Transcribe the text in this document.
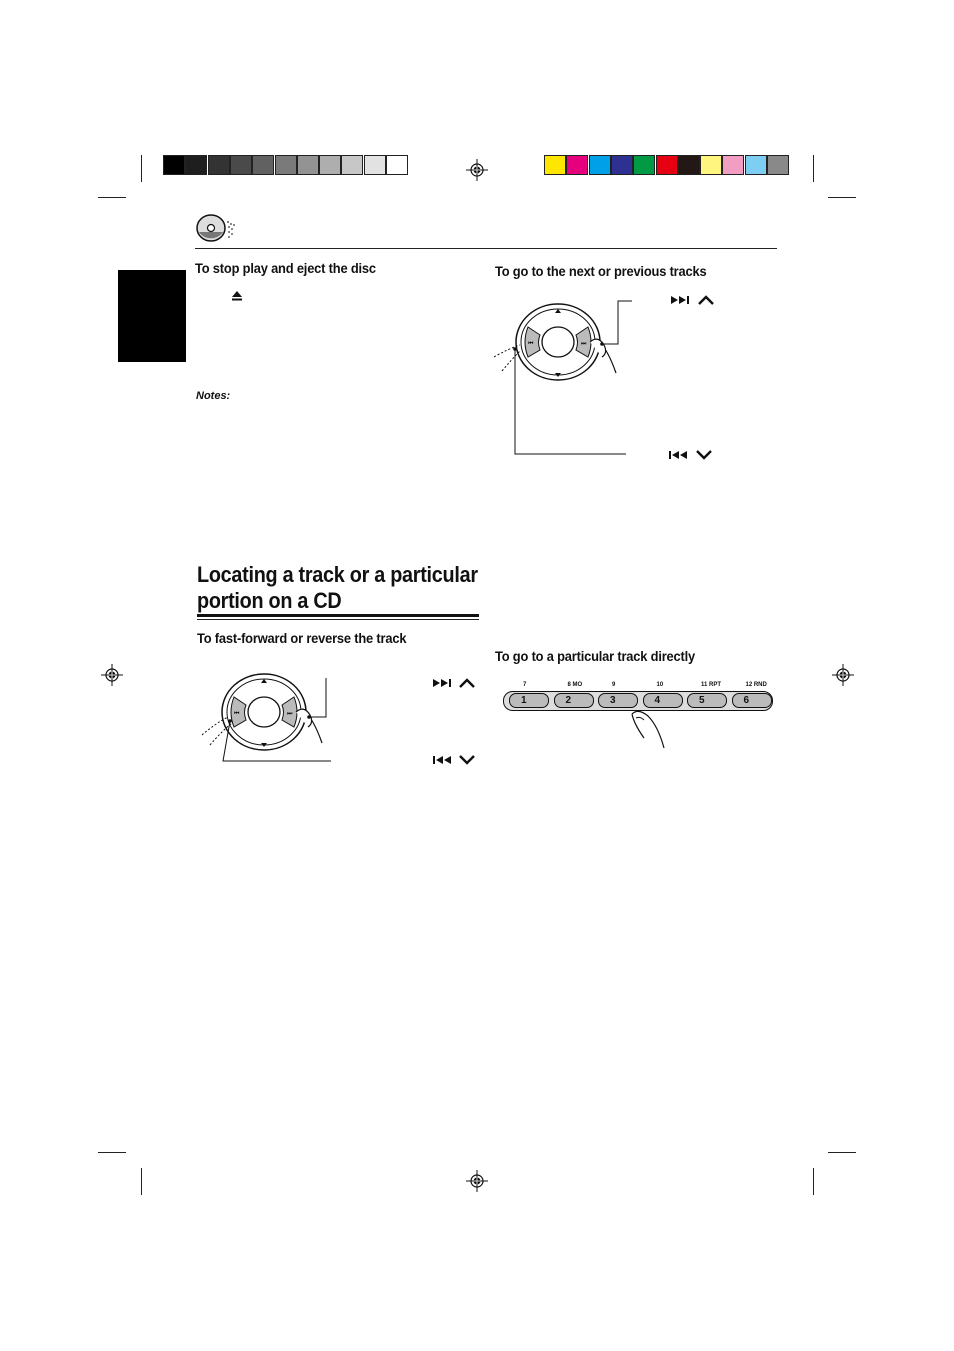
To stop play and eject the disc
Notes:
Locating a track or a particular
portion on a CD
To fast-forward or reverse the track
⏮	⏭
To go to the next or previous tracks
⏮	⏭
To go to a particular track directly
7
1
8 MO
2
9
3
10
4
11 RPT
5
12 RND
6
